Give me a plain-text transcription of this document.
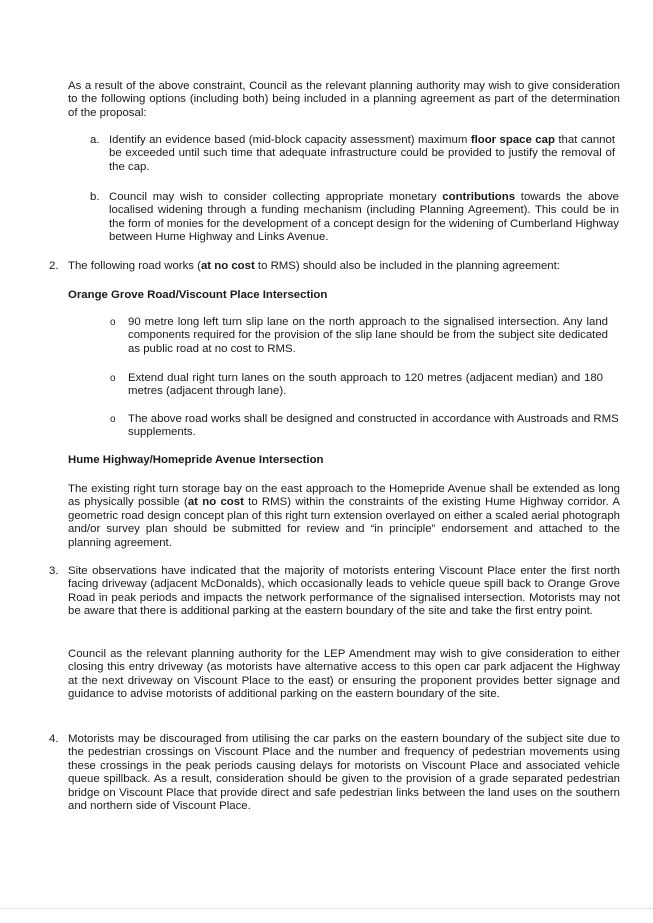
As a result of the above constraint, Council as the relevant planning authority may wish to give consideration to the following options (including both) being included in a planning agreement as part of the determination of the proposal:

a. Identify an evidence based (mid-block capacity assessment) maximum floor space cap that cannot be exceeded until such time that adequate infrastructure could be provided to justify the removal of the cap.

b. Council may wish to consider collecting appropriate monetary contributions towards the above localised widening through a funding mechanism (including Planning Agreement). This could be in the form of monies for the development of a concept design for the widening of Cumberland Highway between Hume Highway and Links Avenue.

2. The following road works (at no cost to RMS) should also be included in the planning agreement:

Orange Grove Road/Viscount Place Intersection

o 90 metre long left turn slip lane on the north approach to the signalised intersection. Any land components required for the provision of the slip lane should be from the subject site dedicated as public road at no cost to RMS.

o Extend dual right turn lanes on the south approach to 120 metres (adjacent median) and 180 metres (adjacent through lane).

o The above road works shall be designed and constructed in accordance with Austroads and RMS supplements.

Hume Highway/Homepride Avenue Intersection

The existing right turn storage bay on the east approach to the Homepride Avenue shall be extended as long as physically possible (at no cost to RMS) within the constraints of the existing Hume Highway corridor. A geometric road design concept plan of this right turn extension overlayed on either a scaled aerial photograph and/or survey plan should be submitted for review and “in principle” endorsement and attached to the planning agreement.

3. Site observations have indicated that the majority of motorists entering Viscount Place enter the first north facing driveway (adjacent McDonalds), which occasionally leads to vehicle queue spill back to Orange Grove Road in peak periods and impacts the network performance of the signalised intersection. Motorists may not be aware that there is additional parking at the eastern boundary of the site and take the first entry point.

Council as the relevant planning authority for the LEP Amendment may wish to give consideration to either closing this entry driveway (as motorists have alternative access to this open car park adjacent the Highway at the next driveway on Viscount Place to the east) or ensuring the proponent provides better signage and guidance to advise motorists of additional parking on the eastern boundary of the site.

4. Motorists may be discouraged from utilising the car parks on the eastern boundary of the subject site due to the pedestrian crossings on Viscount Place and the number and frequency of pedestrian movements using these crossings in the peak periods causing delays for motorists on Viscount Place and associated vehicle queue spillback. As a result, consideration should be given to the provision of a grade separated pedestrian bridge on Viscount Place that provide direct and safe pedestrian links between the land uses on the southern and northern side of Viscount Place.
